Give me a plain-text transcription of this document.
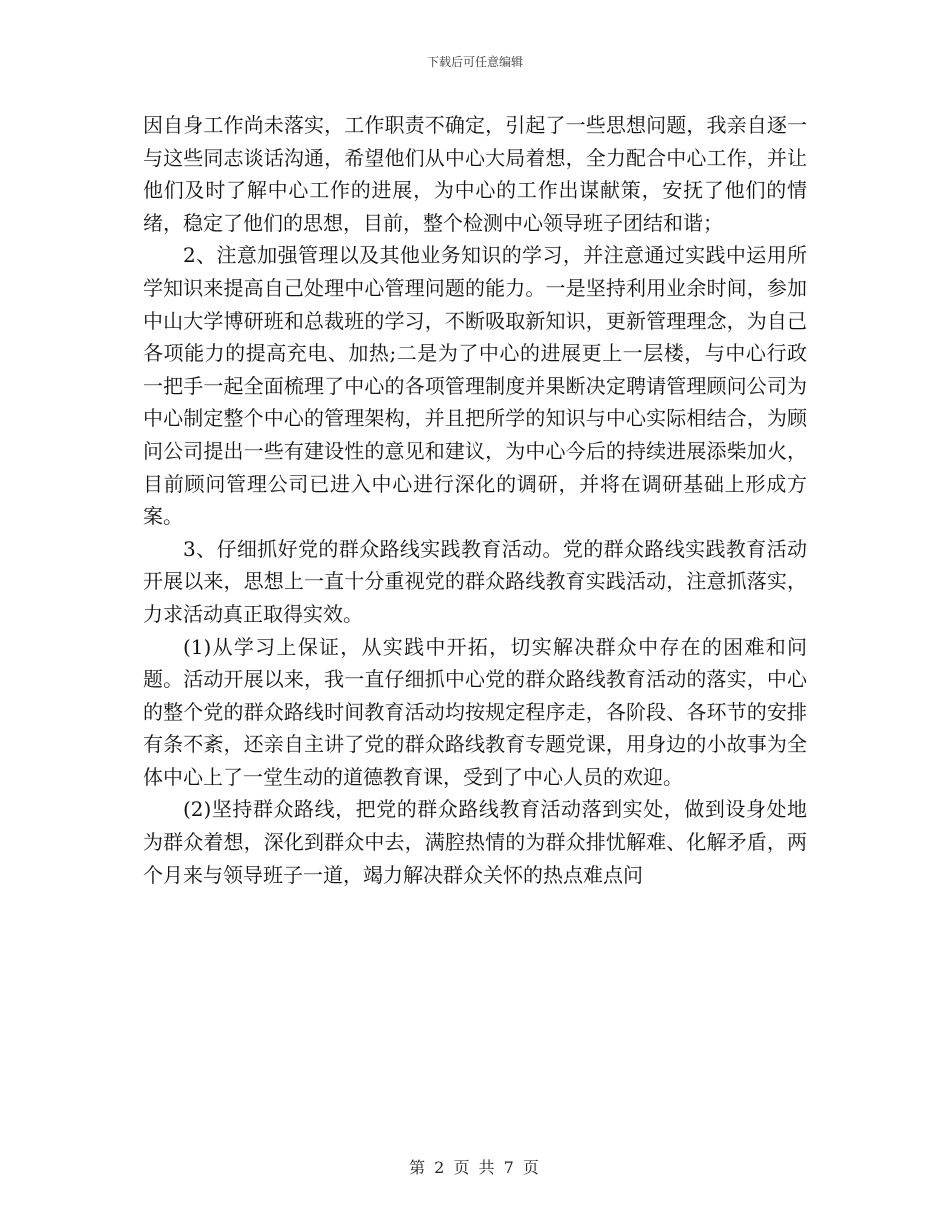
下载后可任意编辑

因自身工作尚未落实，工作职责不确定，引起了一些思想问题，我亲自逐一与这些同志谈话沟通，希望他们从中心大局着想，全力配合中心工作，并让他们及时了解中心工作的进展，为中心的工作出谋献策，安抚了他们的情绪，稳定了他们的思想，目前，整个检测中心领导班子团结和谐；

2、注意加强管理以及其他业务知识的学习，并注意通过实践中运用所学知识来提高自己处理中心管理问题的能力。一是坚持利用业余时间，参加中山大学博研班和总裁班的学习，不断吸取新知识，更新管理理念，为自己各项能力的提高充电、加热;二是为了中心的进展更上一层楼，与中心行政一把手一起全面梳理了中心的各项管理制度并果断决定聘请管理顾问公司为中心制定整个中心的管理架构，并且把所学的知识与中心实际相结合，为顾问公司提出一些有建设性的意见和建议，为中心今后的持续进展添柴加火，目前顾问管理公司已进入中心进行深化的调研，并将在调研基础上形成方案。

3、仔细抓好党的群众路线实践教育活动。党的群众路线实践教育活动开展以来，思想上一直十分重视党的群众路线教育实践活动，注意抓落实，力求活动真正取得实效。

(1)从学习上保证，从实践中开拓，切实解决群众中存在的困难和问题。活动开展以来，我一直仔细抓中心党的群众路线教育活动的落实，中心的整个党的群众路线时间教育活动均按规定程序走，各阶段、各环节的安排有条不紊，还亲自主讲了党的群众路线教育专题党课，用身边的小故事为全体中心上了一堂生动的道德教育课，受到了中心人员的欢迎。

(2)坚持群众路线，把党的群众路线教育活动落到实处，做到设身处地为群众着想，深化到群众中去，满腔热情的为群众排忧解难、化解矛盾，两个月来与领导班子一道，竭力解决群众关怀的热点难点问

第 2 页 共 7 页
